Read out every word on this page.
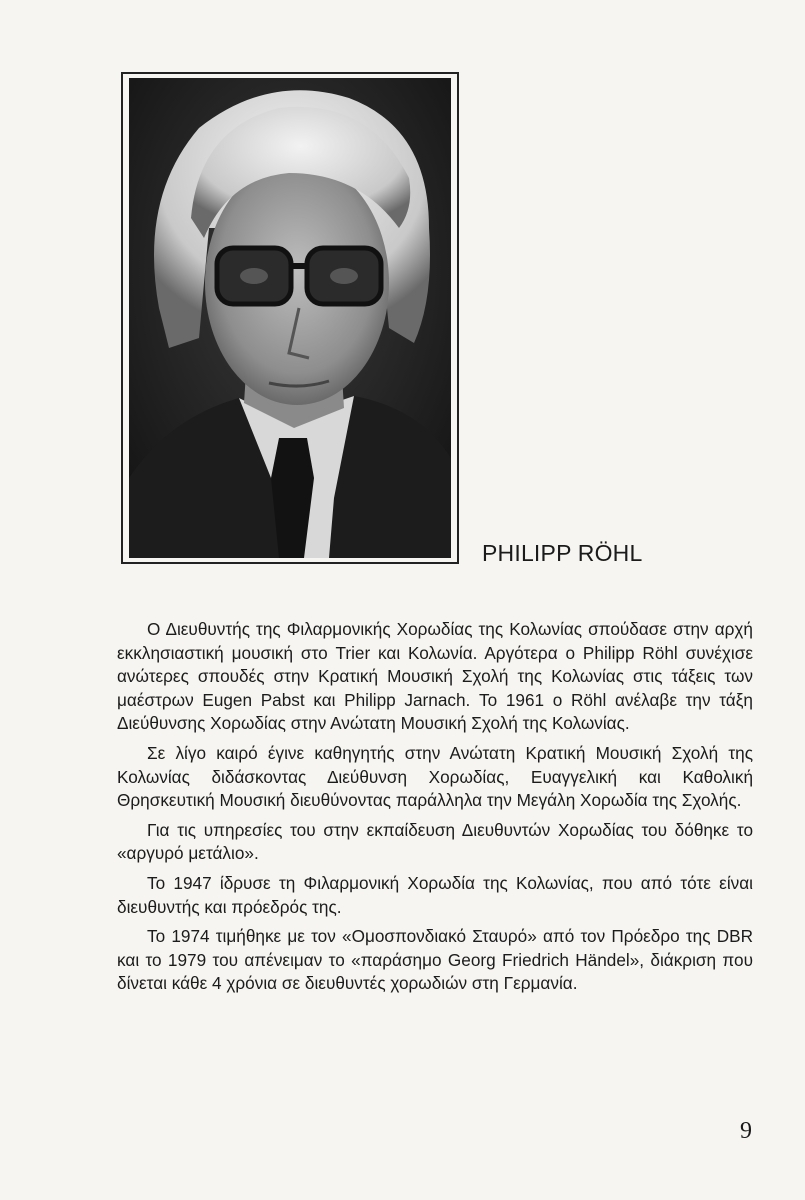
PHILIPP RÖHL

Ο Διευθυντής της Φιλαρμονικής Χορωδίας της Κολωνίας σπούδασε στην αρχή εκκλησιαστική μουσική στο Trier και Κολωνία. Αργότερα ο Philipp Röhl συνέχισε ανώτερες σπουδές στην Κρατική Μουσική Σχολή της Κολωνίας στις τάξεις των μαέστρων Eugen Pabst και Philipp Jarnach. Το 1961 ο Röhl ανέλαβε την τάξη Διεύθυνσης Χορωδίας στην Ανώτατη Μουσική Σχολή της Κολωνίας.

Σε λίγο καιρό έγινε καθηγητής στην Ανώτατη Κρατική Μουσική Σχολή της Κολωνίας διδάσκοντας Διεύθυνση Χορωδίας, Ευαγγελική και Καθολική Θρησκευτική Μουσική διευθύνοντας παράλληλα την Μεγάλη Χορωδία της Σχολής.

Για τις υπηρεσίες του στην εκπαίδευση Διευθυντών Χορωδίας του δόθηκε το «αργυρό μετάλιο».

Το 1947 ίδρυσε τη Φιλαρμονική Χορωδία της Κολωνίας, που από τότε είναι διευθυντής και πρόεδρός της.

Το 1974 τιμήθηκε με τον «Ομοσπονδιακό Σταυρό» από τον Πρόεδρο της DBR και το 1979 του απένειμαν το «παράσημο Georg Friedrich Händel», διάκριση που δίνεται κάθε 4 χρόνια σε διευθυντές χορωδιών στη Γερμανία.

9
